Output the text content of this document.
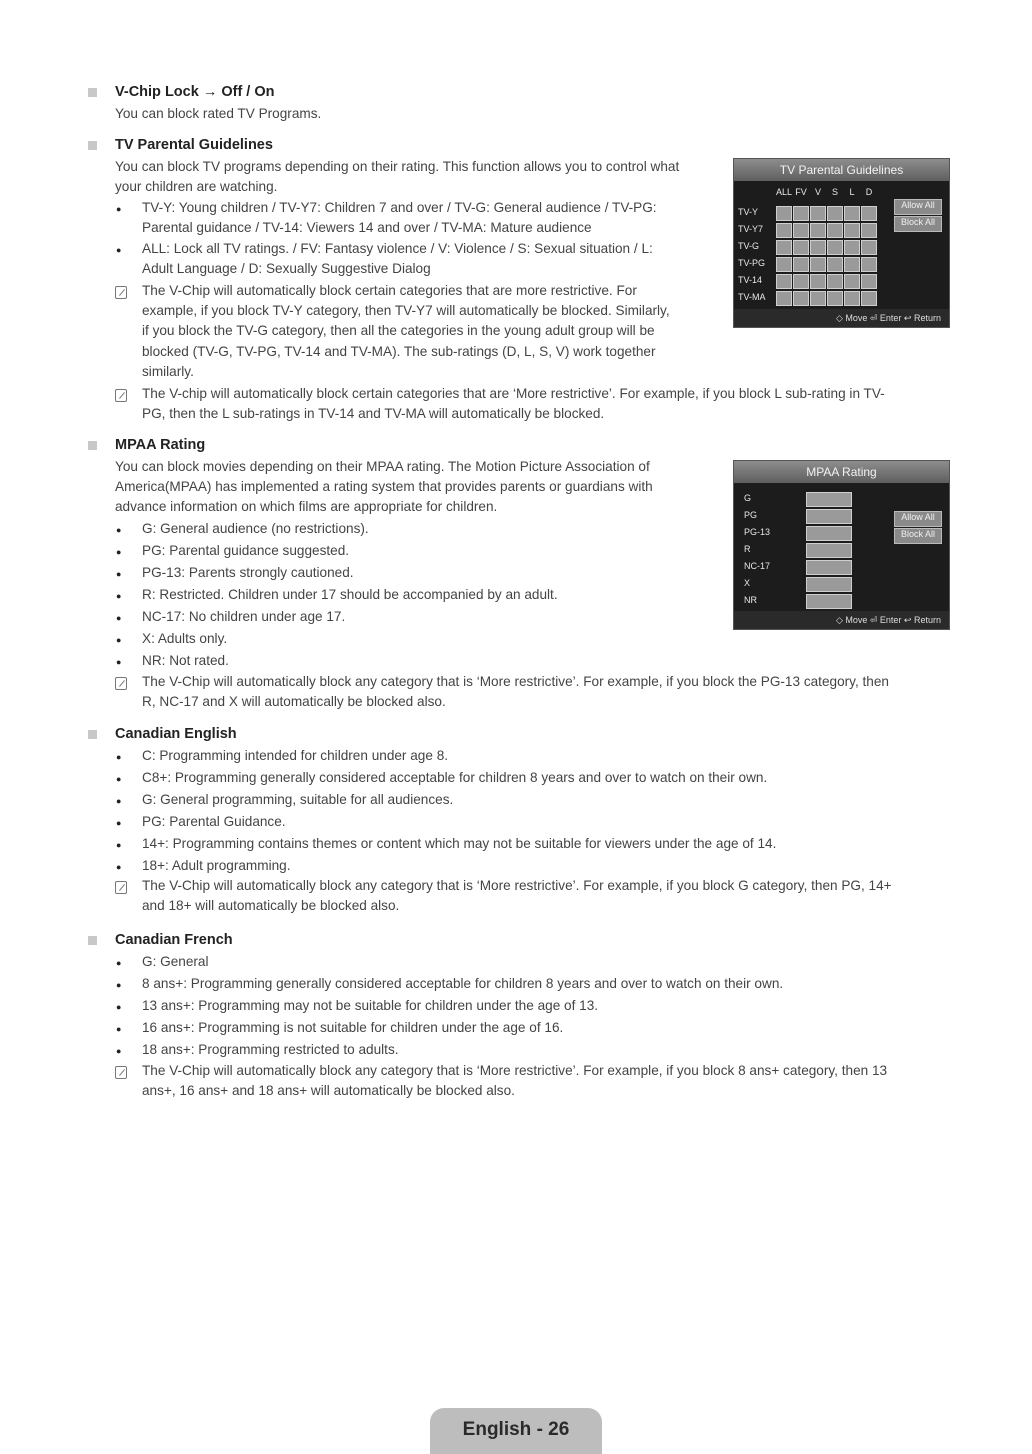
V-Chip Lock → Off / On
You can block rated TV Programs.
TV Parental Guidelines
You can block TV programs depending on their rating. This function allows you to control what
your children are watching.
● TV-Y: Young children / TV-Y7: Children 7 and over / TV-G: General audience / TV-PG:
Parental guidance / TV-14: Viewers 14 and over / TV-MA: Mature audience
● ALL: Lock all TV ratings. / FV: Fantasy violence / V: Violence / S: Sexual situation / L:
Adult Language / D: Sexually Suggestive Dialog
The V-Chip will automatically block certain categories that are more restrictive. For
example, if you block TV-Y category, then TV-Y7 will automatically be blocked. Similarly,
if you block the TV-G category, then all the categories in the young adult group will be
blocked (TV-G, TV-PG, TV-14 and TV-MA). The sub-ratings (D, L, S, V) work together
similarly.
The V-chip will automatically block certain categories that are ‘More restrictive’. For example, if you block L sub-rating in TV-
PG, then the L sub-ratings in TV-14 and TV-MA will automatically be blocked.
TV Parental Guidelines
ALL FV V	S	L	D
TV-Y
TV-Y7
TV-G
TV-PG
TV-14
TV-MA
Allow All
Block All
◇ Move ⏎ Enter ↩ Return
MPAA Rating
You can block movies depending on their MPAA rating. The Motion Picture Association of
America(MPAA) has implemented a rating system that provides parents or guardians with
advance information on which films are appropriate for children.
● G: General audience (no restrictions).
● PG: Parental guidance suggested.
● PG-13: Parents strongly cautioned.
● R: Restricted. Children under 17 should be accompanied by an adult.
● NC-17: No children under age 17.
● X: Adults only.
● NR: Not rated.
The V-Chip will automatically block any category that is ‘More restrictive’. For example, if you block the PG-13 category, then
R, NC-17 and X will automatically be blocked also.
MPAA Rating
G
PG
PG-13
R
NC-17
X
NR
Allow All
Block All
◇ Move ⏎ Enter ↩ Return
Canadian English
● C: Programming intended for children under age 8.
● C8+: Programming generally considered acceptable for children 8 years and over to watch on their own.
● G: General programming, suitable for all audiences.
● PG: Parental Guidance.
● 14+: Programming contains themes or content which may not be suitable for viewers under the age of 14.
● 18+: Adult programming.
The V-Chip will automatically block any category that is ‘More restrictive’. For example, if you block G category, then PG, 14+
and 18+ will automatically be blocked also.
Canadian French
● G: General
● 8 ans+: Programming generally considered acceptable for children 8 years and over to watch on their own.
● 13 ans+: Programming may not be suitable for children under the age of 13.
● 16 ans+: Programming is not suitable for children under the age of 16.
● 18 ans+: Programming restricted to adults.
The V-Chip will automatically block any category that is ‘More restrictive’. For example, if you block 8 ans+ category, then 13
ans+, 16 ans+ and 18 ans+ will automatically be blocked also.
English - 26
